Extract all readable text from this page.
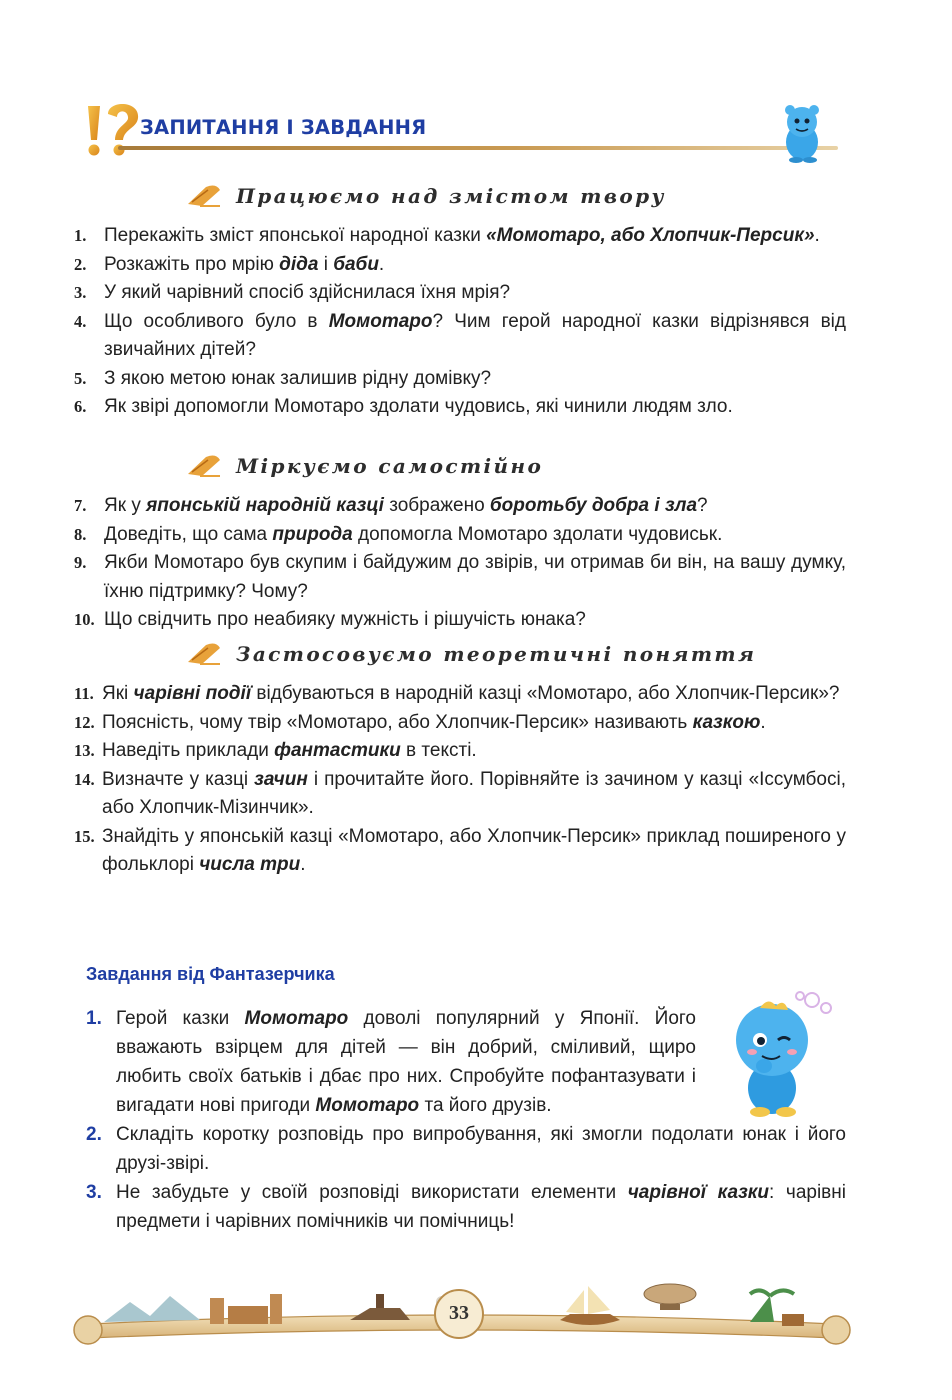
ЗАПИТАННЯ І ЗАВДАННЯ
Працюємо над змістом твору
1. Перекажіть зміст японської народної казки «Момотаро, або Хлопчик-Персик».
2. Розкажіть про мрію діда і баби.
3. У який чарівний спосіб здійснилася їхня мрія?
4. Що особливого було в Момотаро? Чим герой народної казки відрізнявся від звичайних дітей?
5. З якою метою юнак залишив рідну домівку?
6. Як звірі допомогли Момотаро здолати чудовись, які чинили людям зло.
Міркуємо самостійно
7. Як у японській народній казці зображено боротьбу добра і зла?
8. Доведіть, що сама природа допомогла Момотаро здолати чудовиськ.
9. Якби Момотаро був скупим і байдужим до звірів, чи отримав би він, на вашу думку, їхню підтримку? Чому?
10. Що свідчить про неабияку мужність і рішучість юнака?
Застосовуємо теоретичні поняття
11. Які чарівні події відбуваються в народній казці «Момотаро, або Хлопчик-Персик»?
12. Поясність, чому твір «Момотаро, або Хлопчик-Персик» називають казкою.
13. Наведіть приклади фантастики в тексті.
14. Визначте у казці зачин і прочитайте його. Порівняйте із зачином у казці «Іссумбосі, або Хлопчик-Мізинчик».
15. Знайдіть у японській казці «Момотаро, або Хлопчик-Персик» приклад поширеного у фольклорі числа три.
Завдання від Фантазерчика
1. Герой казки Момотаро доволі популярний у Японії. Його вважають взірцем для дітей — він добрий, сміливий, щиро любить своїх батьків і дбає про них. Спробуйте пофантазувати і вигадати нові пригоди Момотаро та його друзів.
2. Складіть коротку розповідь про випробування, які змогли подолати юнак і його друзі-звірі.
3. Не забудьте у своїй розповіді використати елементи чарівної казки: чарівні предмети і чарівних помічників чи помічниць!
33
